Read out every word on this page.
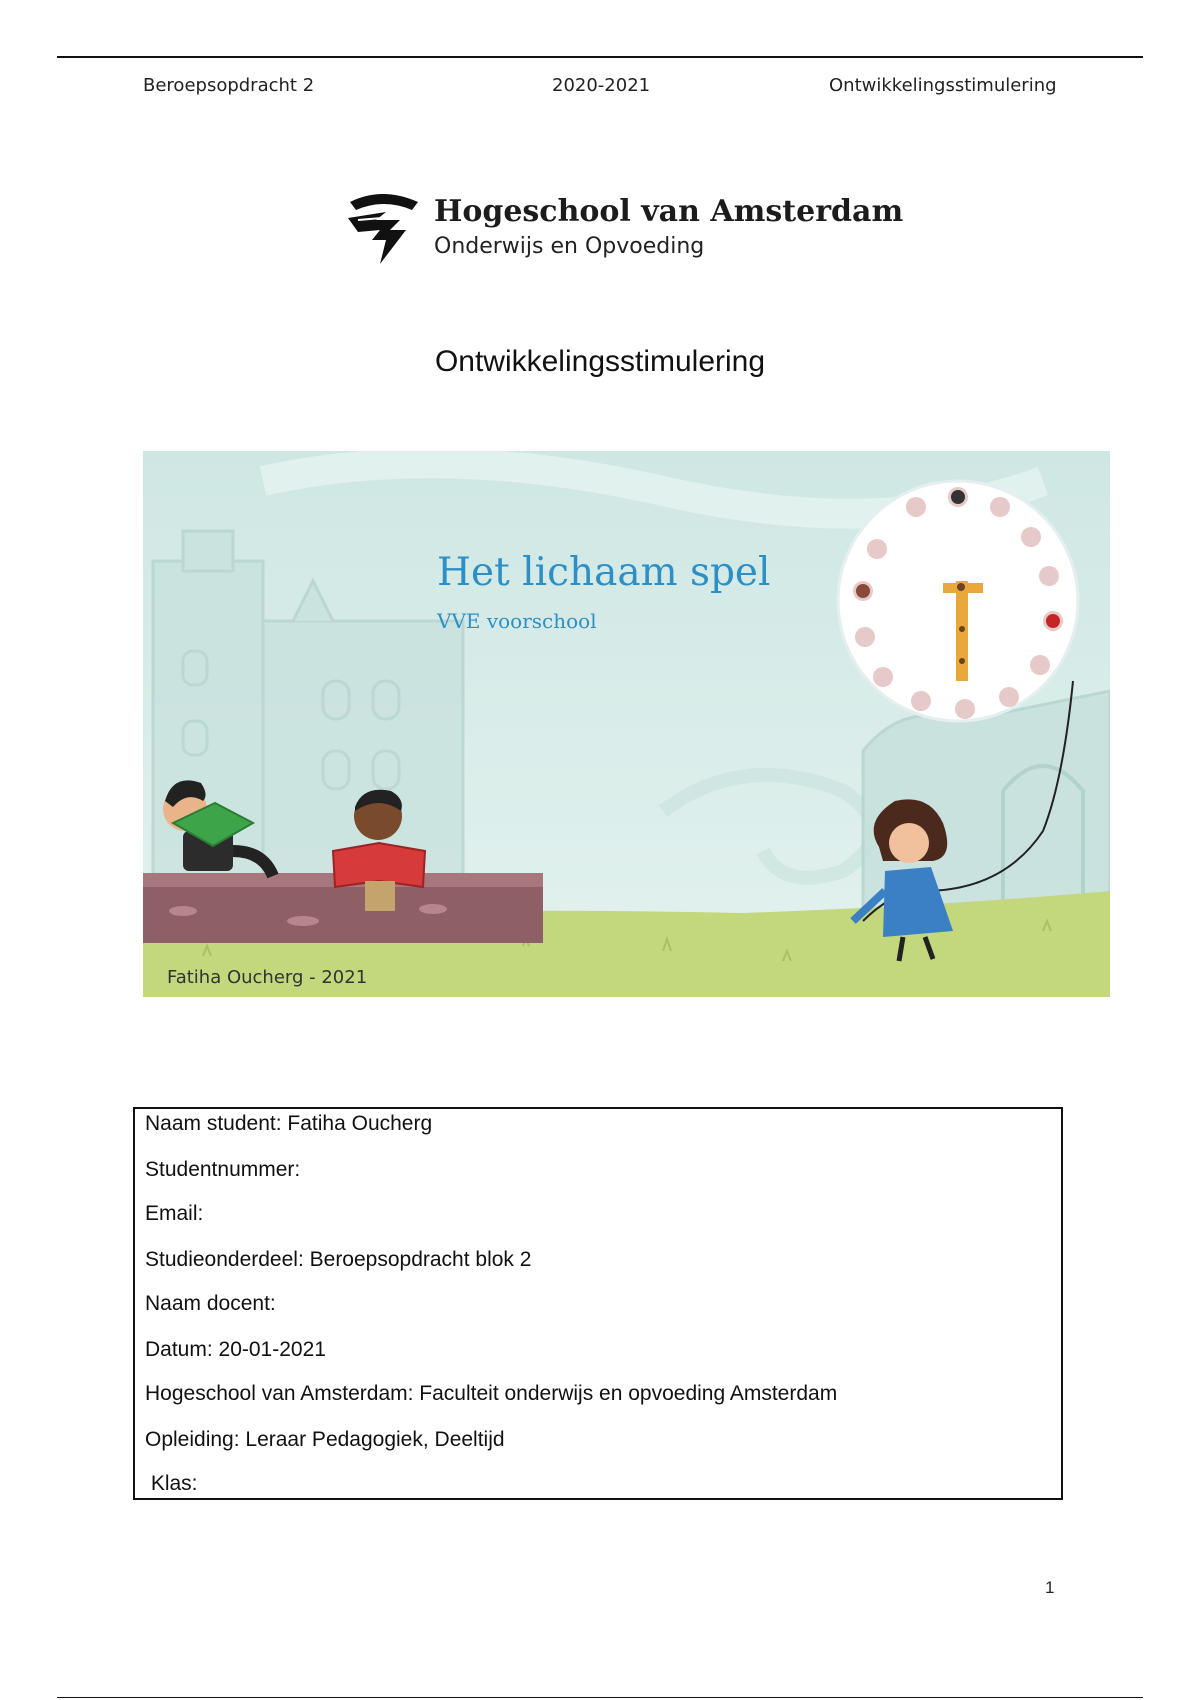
Beroepsopdracht 2	2020-2021	Ontwikkelingsstimulering
Hogeschool van Amsterdam
Onderwijs en Opvoeding
Ontwikkelingsstimulering
Het lichaam spel
VVE voorschool
Fatiha Oucherg - 2021
Naam student: Fatiha Oucherg
Studentnummer:
Email:
Studieonderdeel: Beroepsopdracht blok 2
Naam docent:
Datum: 20-01-2021
Hogeschool van Amsterdam: Faculteit onderwijs en opvoeding Amsterdam
Opleiding: Leraar Pedagogiek, Deeltijd
Klas:
1
